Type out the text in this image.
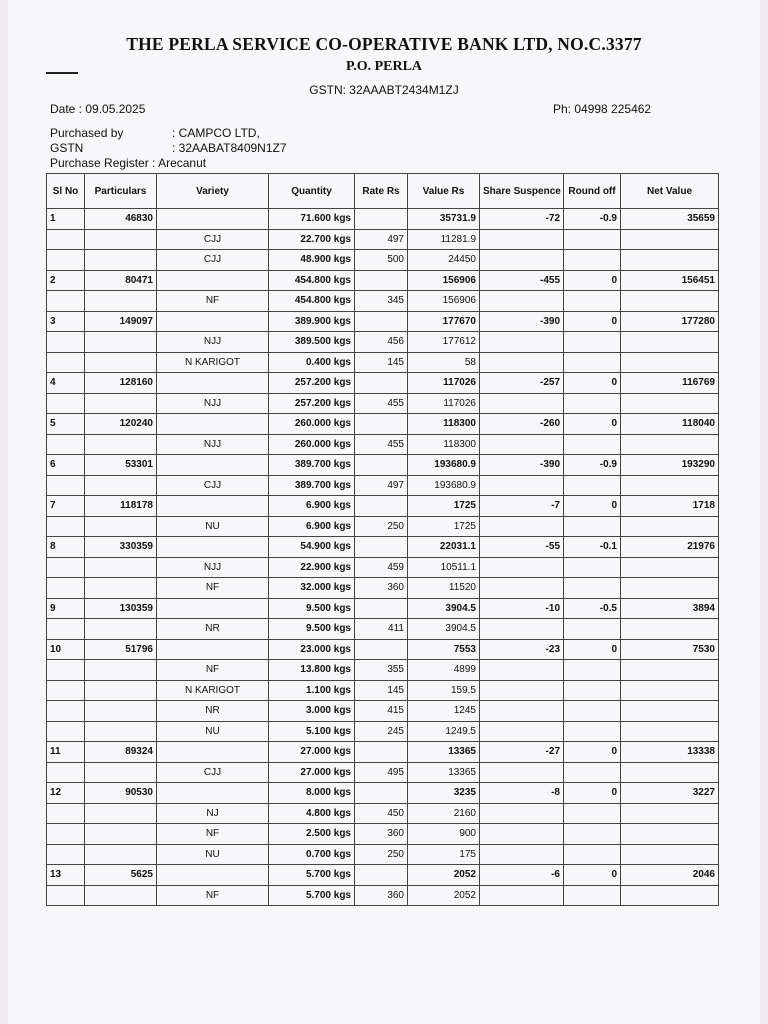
THE PERLA SERVICE CO-OPERATIVE BANK LTD, NO.C.3377
P.O. PERLA
GSTN: 32AAABT2434M1ZJ
Date : 09.05.2025	Ph: 04998 225462
Purchased by	: CAMPCO LTD,
GSTN	: 32AABAT8409N1Z7
Purchase Register : Arecanut
Sl No	Particulars	Variety	Quantity	Rate Rs	Value Rs	Share Suspence	Round off	Net Value
1	46830		71.600 kgs		35731.9	-72	-0.9	35659
		CJJ	22.700 kgs	497	11281.9			
		CJJ	48.900 kgs	500	24450			
2	80471		454.800 kgs		156906	-455	0	156451
		NF	454.800 kgs	345	156906			
3	149097		389.900 kgs		177670	-390	0	177280
		NJJ	389.500 kgs	456	177612			
		N KARIGOT	0.400 kgs	145	58			
4	128160		257.200 kgs		117026	-257	0	116769
		NJJ	257.200 kgs	455	117026			
5	120240		260.000 kgs		118300	-260	0	118040
		NJJ	260.000 kgs	455	118300			
6	53301		389.700 kgs		193680.9	-390	-0.9	193290
		CJJ	389.700 kgs	497	193680.9			
7	118178		6.900 kgs		1725	-7	0	1718
		NU	6.900 kgs	250	1725			
8	330359		54.900 kgs		22031.1	-55	-0.1	21976
		NJJ	22.900 kgs	459	10511.1			
		NF	32.000 kgs	360	11520			
9	130359		9.500 kgs		3904.5	-10	-0.5	3894
		NR	9.500 kgs	411	3904.5			
10	51796		23.000 kgs		7553	-23	0	7530
		NF	13.800 kgs	355	4899			
		N KARIGOT	1.100 kgs	145	159.5			
		NR	3.000 kgs	415	1245			
		NU	5.100 kgs	245	1249.5			
11	89324		27.000 kgs		13365	-27	0	13338
		CJJ	27.000 kgs	495	13365			
12	90530		8.000 kgs		3235	-8	0	3227
		NJ	4.800 kgs	450	2160			
		NF	2.500 kgs	360	900			
		NU	0.700 kgs	250	175			
13	5625		5.700 kgs		2052	-6	0	2046
		NF	5.700 kgs	360	2052			
